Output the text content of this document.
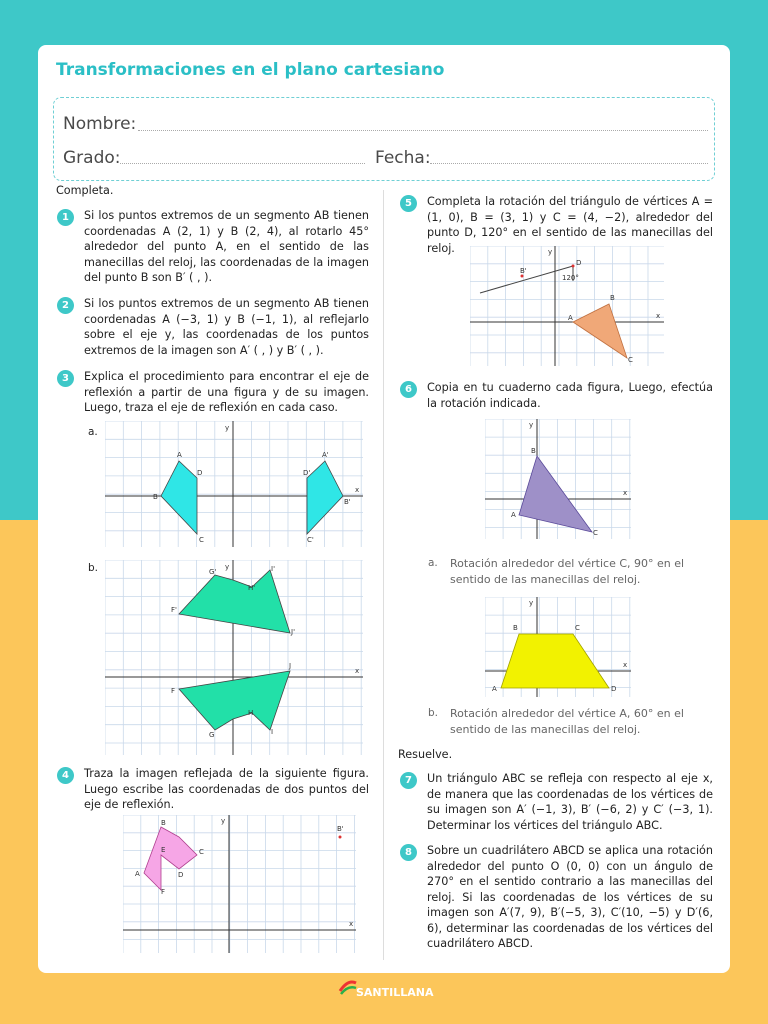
Transformaciones en el plano cartesiano
Nombre:
Grado:	Fecha:
Completa.
1	Si los puntos extremos de un segmento AB tienen coordenadas A (2, 1) y B (2, 4), al rotarlo 45° alrededor del punto A, en el sentido de las manecillas del reloj, las coordenadas de la imagen del punto B son B′ ( , ).
2	Si los puntos extremos de un segmento AB tienen coordenadas A (−3, 1) y B (−1, 1), al reflejarlo sobre el eje y, las coordenadas de los puntos extremos de la imagen son A′ ( , ) y B′ ( , ).
3	Explica el procedimiento para encontrar el eje de reflexión a partir de una figura y de su imagen. Luego, traza el eje de reflexión en cada caso.
a.
A
D
B
C
A'
D'
B'
C'
x
y
b.	G'	I'
H'
F'
J'
J
F
G
H
I
x
y
4	Traza la imagen reflejada de la siguiente figura. Luego escribe las coordenadas de dos puntos del eje de reflexión.
B
C
E
D
A
F
B'
x
y
5	Completa la rotación del triángulo de vértices A =(1, 0), B = (3, 1) y C = (4, −2), alrededor del punto D, 120° en el sentido de las manecillas del reloj.
D
B'
120°
A
B
C
x
y
6	Copia en tu cuaderno cada figura, Luego, efectúa la rotación indicada.
B
A
C
x
y
a. Rotación alrededor del vértice C, 90° en el sentido de las manecillas del reloj.
B	C
A	D
x
y
b. Rotación alrededor del vértice A, 60° en el sentido de las manecillas del reloj.
Resuelve.
7	Un triángulo ABC se refleja con respecto al eje x, de manera que las coordenadas de los vértices de su imagen son A′ (−1, 3), B′ (−6, 2) y C′ (−3, 1). Determinar los vértices del triángulo ABC.
8	Sobre un cuadrilátero ABCD se aplica una rotación alrededor del punto O (0, 0) con un ángulo de 270° en el sentido contrario a las manecillas del reloj. Si las coordenadas de los vértices de su imagen son A′(7, 9), B′(−5, 3), C′(10, −5) y D′(6, 6), determinar las coordenadas de los vértices del cuadrilátero ABCD.
SANTILLANA
